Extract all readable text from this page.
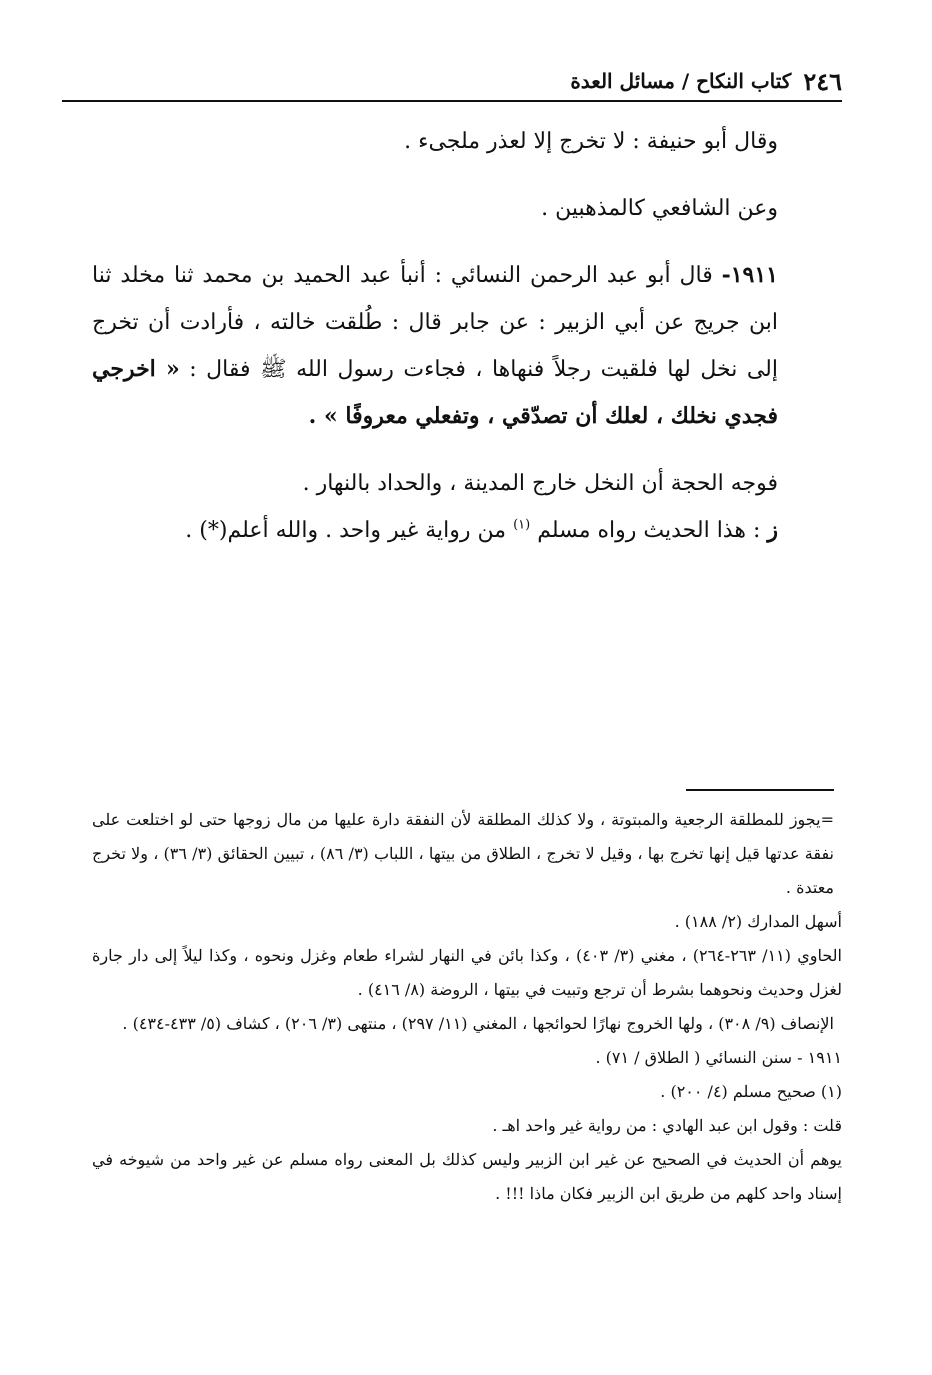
٢٤٦
كتاب النكاح / مسائل العدة

وقال أبو حنيفة : لا تخرج إلا لعذر ملجىء .

وعن الشافعي كالمذهبين .

١٩١١- قال أبو عبد الرحمن النسائي : أنبأ عبد الحميد بن محمد ثنا مخلد ثنا ابن جريج عن أبي الزبير : عن جابر قال : طُلقت خالته ، فأرادت أن تخرج إلى نخل لها فلقيت رجلاً فنهاها ، فجاءت رسول الله ﷺ فقال : « اخرجي فجدي نخلك ، لعلك أن تصدّقي ، وتفعلي معروفًا » .

فوجه الحجة أن النخل خارج المدينة ، والحداد بالنهار .

ز : هذا الحديث رواه مسلم $^{(١)}$ من رواية غير واحد . والله أعلم(*) .

=يجوز للمطلقة الرجعية والمبتوتة ، ولا كذلك المطلقة لأن النفقة دارة عليها من مال زوجها حتى لو اختلعت على نفقة عدتها قيل إنها تخرج بها ، وقيل لا تخرج ، الطلاق من بيتها ، اللباب (٣/ ٨٦) ، تبيين الحقائق (٣/ ٣٦) ، ولا تخرج معتدة .

أسهل المدارك (٢/ ١٨٨) .

الحاوي (١١/ ٢٦٣-٢٦٤) ، مغني (٣/ ٤٠٣) ، وكذا بائن في النهار لشراء طعام وغزل ونحوه ، وكذا ليلاً إلى دار جارة لغزل وحديث ونحوهما بشرط أن ترجع وتبيت في بيتها ، الروضة (٨/ ٤١٦) .

الإنصاف (٩/ ٣٠٨) ، ولها الخروج نهارًا لحوائجها ، المغني (١١/ ٢٩٧) ، منتهى (٣/ ٢٠٦) ، كشاف (٥/ ٤٣٣-٤٣٤) .

١٩١١ - سنن النسائي ( الطلاق / ٧١) .

(١) صحيح مسلم (٤/ ٢٠٠) .

قلت : وقول ابن عبد الهادي : من رواية غير واحد اهـ .

يوهم أن الحديث في الصحيح عن غير ابن الزبير وليس كذلك بل المعنى رواه مسلم عن غير واحد من شيوخه في إسناد واحد كلهم من طريق ابن الزبير فكان ماذا !!! .
